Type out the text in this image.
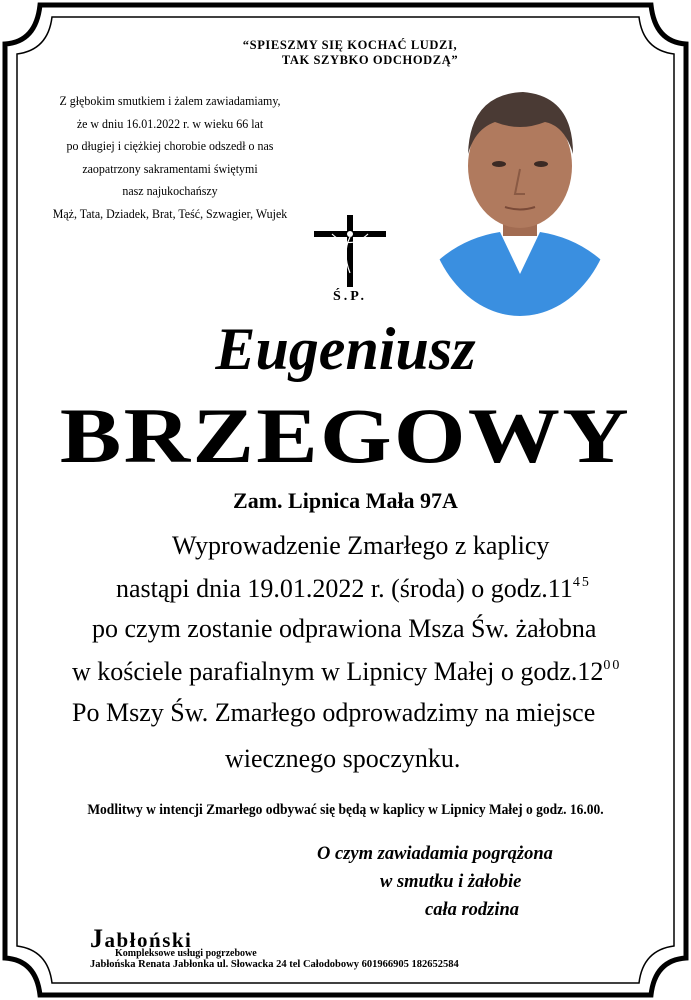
“SPIESZMY SIĘ KOCHAĆ LUDZI,
TAK SZYBKO ODCHODZĄ”
Z głębokim smutkiem i żalem zawiadamiamy,
że w dniu 16.01.2022 r. w wieku 66 lat
po długiej i ciężkiej chorobie odszedł o nas
zaopatrzony sakramentami świętymi
nasz najukochańszy
Mąż, Tata, Dziadek, Brat, Teść, Szwagier, Wujek
Ś.P.
Eugeniusz
BRZEGOWY
Zam. Lipnica Mała 97A
Wyprowadzenie Zmarłego z kaplicy
nastąpi dnia 19.01.2022 r. (środa) o $godz.11^{45}$
po czym zostanie odprawiona Msza Św. żałobna
w kościele parafialnym w Lipnicy Małej o $godz.12^{00}$
Po Mszy Św. Zmarłego odprowadzimy na miejsce
wiecznego spoczynku.
Modlitwy w intencji Zmarłego odbywać się będą w kaplicy w Lipnicy Małej o godz. 16.00.
O czym zawiadamia pogrążona
w smutku i żałobie
cała rodzina
Jabłoński
Kompleksowe usługi pogrzebowe
Jabłońska Renata Jabłonka ul. Słowacka 24 tel Całodobowy 601966905 182652584
